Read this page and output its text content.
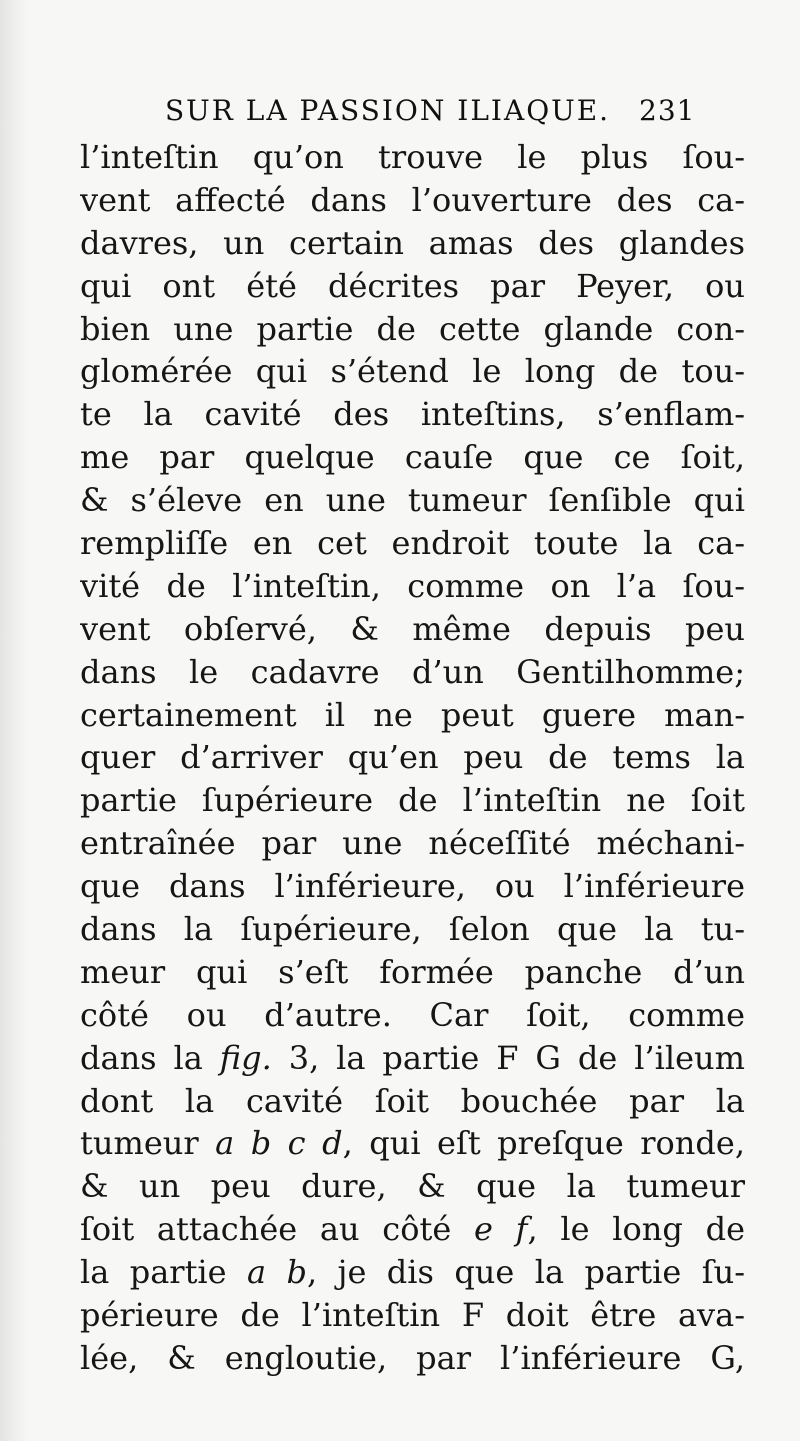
SUR LA PASSION ILIAQUE. 231
l’inteſtin qu’on trouve le plus ſou-
vent affecté dans l’ouverture des ca-
davres, un certain amas des glandes
qui ont été décrites par Peyer, ou
bien une partie de cette glande con-
glomérée qui s’étend le long de tou-
te la cavité des inteſtins, s’enflam-
me par quelque cauſe que ce ſoit,
& s’éleve en une tumeur ſenſible qui
rempliſſe en cet endroit toute la ca-
vité de l’inteſtin, comme on l’a ſou-
vent obſervé, & même depuis peu
dans le cadavre d’un Gentilhomme;
certainement il ne peut guere man-
quer d’arriver qu’en peu de tems la
partie ſupérieure de l’inteſtin ne ſoit
entraînée par une néceſſité méchani-
que dans l’inférieure, ou l’inférieure
dans la ſupérieure, ſelon que la tu-
meur qui s’eſt formée panche d’un
côté ou d’autre. Car ſoit, comme
dans la fig. 3, la partie F G de l’ileum
dont la cavité ſoit bouchée par la
tumeur a b c d, qui eſt preſque ronde,
& un peu dure, & que la tumeur
ſoit attachée au côté e f, le long de
la partie a b, je dis que la partie ſu-
périeure de l’inteſtin F doit être ava-
lée, & engloutie, par l’inférieure G,
